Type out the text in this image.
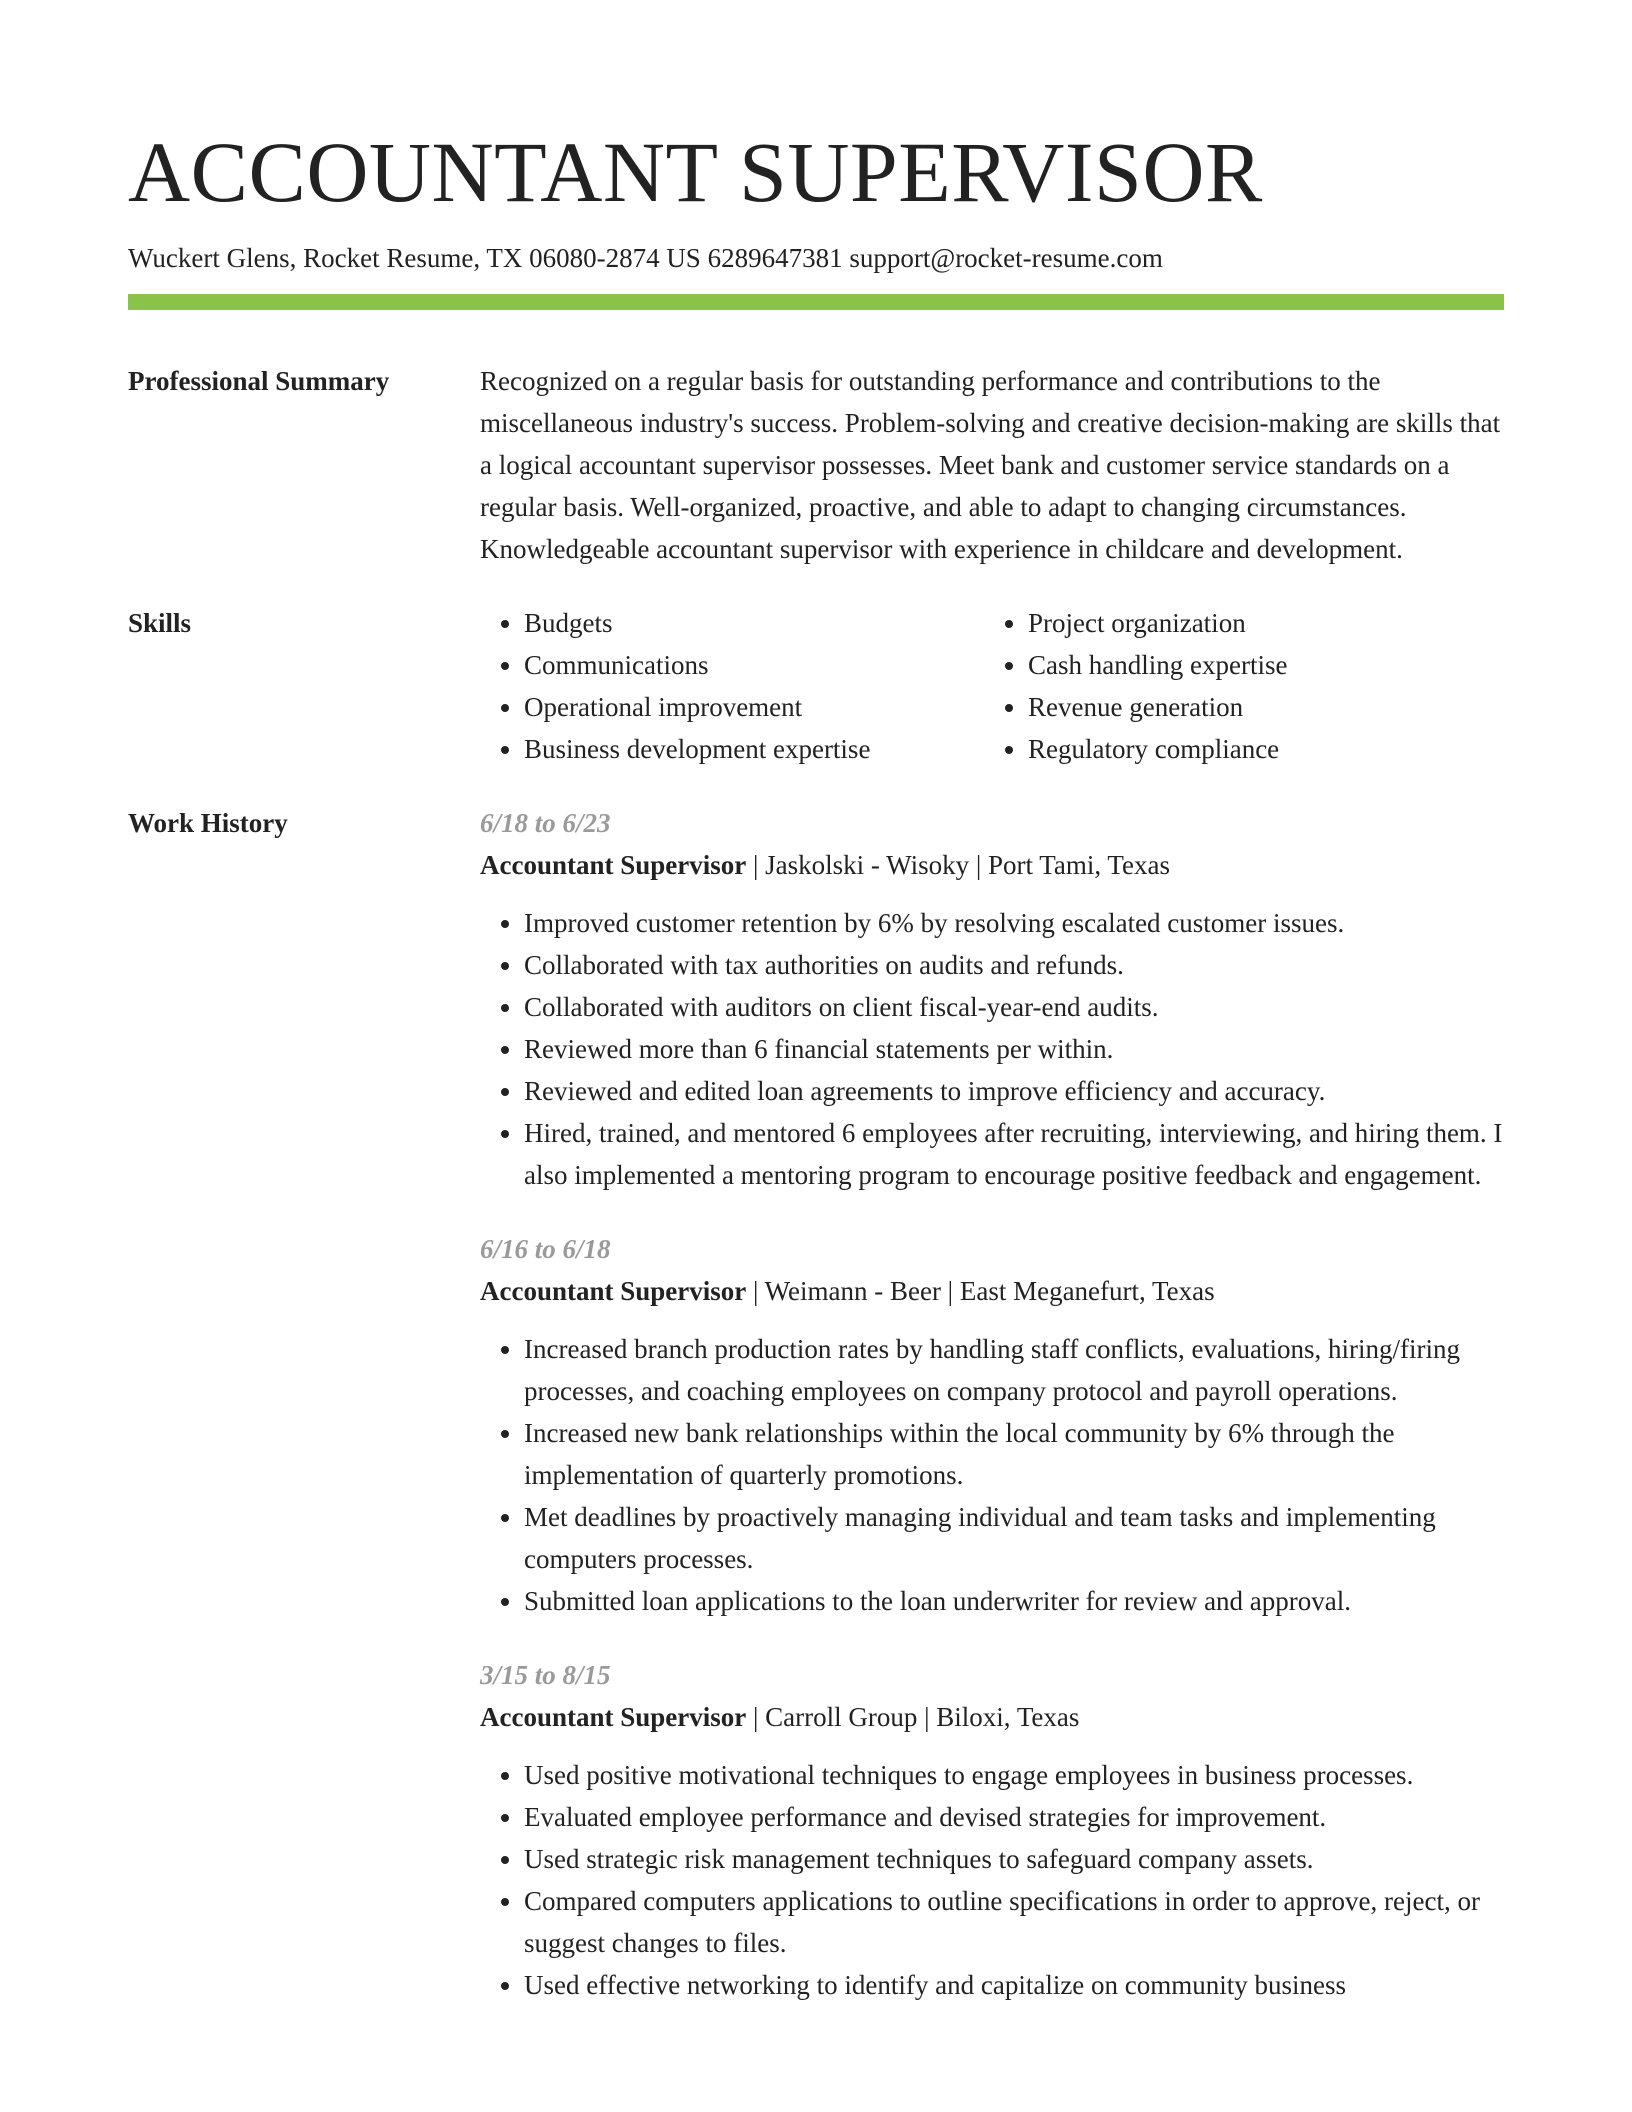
ACCOUNTANT SUPERVISOR
Wuckert Glens, Rocket Resume, TX 06080-2874 US 6289647381 support@rocket-resume.com
Professional Summary	Recognized on a regular basis for outstanding performance and contributions to the miscellaneous industry's success. Problem-solving and creative decision-making are skills that a logical accountant supervisor possesses. Meet bank and customer service standards on a regular basis. Well-organized, proactive, and able to adapt to changing circumstances. Knowledgeable accountant supervisor with experience in childcare and development.

Skills
•	Budgets
• Communications
• Operational improvement
• Business development expertise
• Project organization
• Cash handling expertise
• Revenue generation
• Regulatory compliance
Work History	6/18 to 6/23
Accountant Supervisor | Jaskolski - Wisoky | Port Tami, Texas
• Improved customer retention by 6% by resolving escalated customer issues.
• Collaborated with tax authorities on audits and refunds.
• Collaborated with auditors on client fiscal-year-end audits.
• Reviewed more than 6 financial statements per within.
• Reviewed and edited loan agreements to improve efficiency and accuracy.
• Hired, trained, and mentored 6 employees after recruiting, interviewing, and hiring them. I also implemented a mentoring program to encourage positive feedback and engagement.
6/16 to 6/18
Accountant Supervisor | Weimann - Beer | East Meganefurt, Texas
• Increased branch production rates by handling staff conflicts, evaluations, hiring/firing processes, and coaching employees on company protocol and payroll operations.
• Increased new bank relationships within the local community by 6% through the implementation of quarterly promotions.
• Met deadlines by proactively managing individual and team tasks and implementing computers processes.
• Submitted loan applications to the loan underwriter for review and approval.
3/15 to 8/15
Accountant Supervisor | Carroll Group | Biloxi, Texas
• Used positive motivational techniques to engage employees in business processes.
• Evaluated employee performance and devised strategies for improvement.
• Used strategic risk management techniques to safeguard company assets.
• Compared computers applications to outline specifications in order to approve, reject, or suggest changes to files.
• Used effective networking to identify and capitalize on community business
